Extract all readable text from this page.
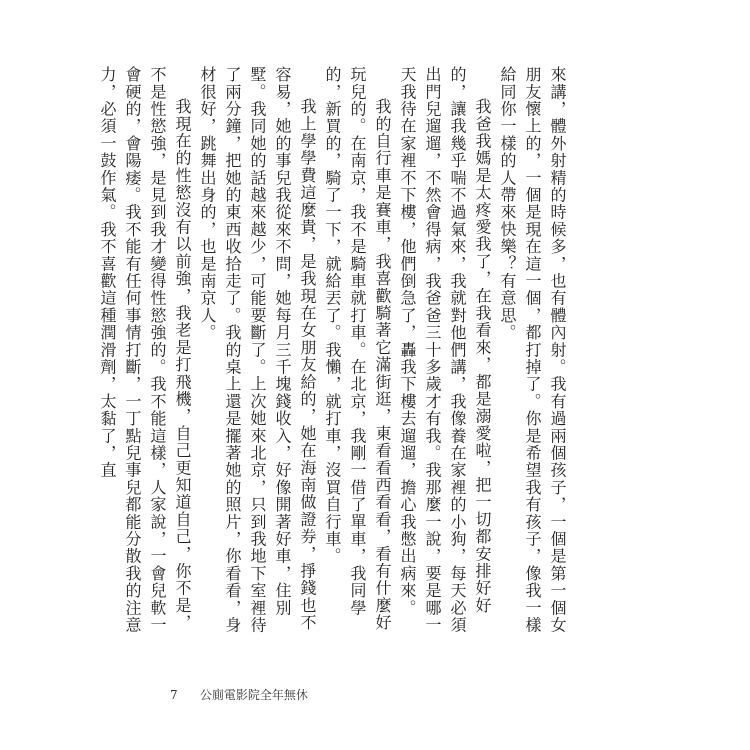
來講，體外射精的時候多，也有體內射。我有過兩個孩子，一個是第一個女朋友懷上的，一個是現在這一個，都打掉了。你是希望我有孩子，像我一樣給同你一樣的人帶來快樂？有意思。

我爸我媽是太疼愛我了，在我看來，都是溺愛啦，把一切都安排好好的，讓我幾乎喘不過氣來，我就對他們講，我像養在家裡的小狗，每天必須出門兒遛遛，不然會得病，我爸爸三十多歲才有我。我那麼一說，要是哪一天我待在家裡不下樓，他們倒急了，轟我下樓去遛遛，擔心我憋出病來。

我的自行車是賽車，我喜歡騎著它滿街逛，東看看西看看，看有什麼好玩兒的。在南京，我不是騎車就打車。在北京，我剛一借了單車，我同學的，新買的，騎了一下，就給丟了。我懶，就打車，沒買自行車。

我上學學費這麼貴，是我現在女朋友給的，她在海南做證券，掙錢也不容易，她的事兒我從來不問，她每月三千塊錢收入，好像開著好車，住別墅。我同她的話越來越少，可能要斷了。上次她來北京，只到我地下室裡待了兩分鐘，把她的東西收拾走了。我的桌上還是擺著她的照片，你看看，身材很好，跳舞出身的，也是南京人。

我現在的性慾沒有以前強，我老是打飛機，自己更知道自己，你不是，不是性慾強，是見到我才變得性慾強的。我不能這樣，人家說，一會兒軟一會硬的，會陽痿。我不能有任何事情打斷，一丁點兒事兒都能分散我的注意力，必須一鼓作氣。我不喜歡這種潤滑劑，太黏了，直

7 公廁電影院全年無休
